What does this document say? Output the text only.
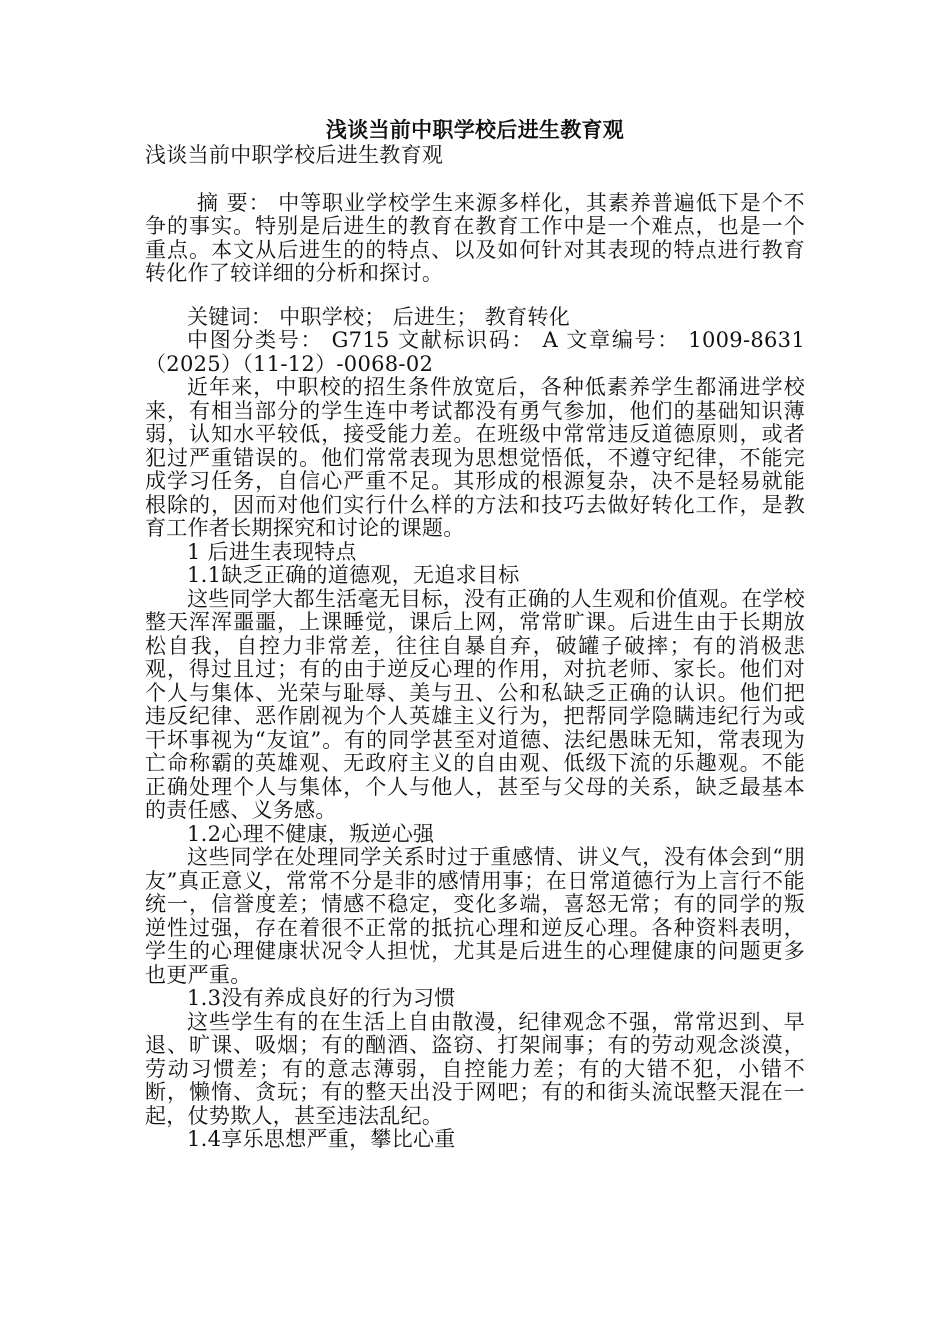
浅谈当前中职学校后进生教育观

浅谈当前中职学校后进生教育观

摘 要： 中等职业学校学生来源多样化，其素养普遍低下是个不争的事实。特别是后进生的教育在教育工作中是一个难点，也是一个重点。本文从后进生的的特点、以及如何针对其表现的特点进行教育转化作了较详细的分析和探讨。

关键词： 中职学校； 后进生； 教育转化

中图分类号： G715 文献标识码： A 文章编号： 1009-8631（2025）（11-12）-0068-02

近年来，中职校的招生条件放宽后，各种低素养学生都涌进学校来，有相当部分的学生连中考试都没有勇气参加，他们的基础知识薄弱，认知水平较低，接受能力差。在班级中常常违反道德原则，或者犯过严重错误的。他们常常表现为思想觉悟低，不遵守纪律，不能完成学习任务，自信心严重不足。其形成的根源复杂，决不是轻易就能根除的，因而对他们实行什么样的方法和技巧去做好转化工作，是教育工作者长期探究和讨论的课题。

1 后进生表现特点

1.1缺乏正确的道德观，无追求目标

这些同学大都生活毫无目标，没有正确的人生观和价值观。在学校整天浑浑噩噩，上课睡觉，课后上网，常常旷课。后进生由于长期放松自我，自控力非常差，往往自暴自弃，破罐子破摔；有的消极悲观，得过且过；有的由于逆反心理的作用，对抗老师、家长。他们对个人与集体、光荣与耻辱、美与丑、公和私缺乏正确的认识。他们把违反纪律、恶作剧视为个人英雄主义行为，把帮同学隐瞒违纪行为或干坏事视为“友谊”。有的同学甚至对道德、法纪愚昧无知，常表现为亡命称霸的英雄观、无政府主义的自由观、低级下流的乐趣观。不能正确处理个人与集体，个人与他人，甚至与父母的关系，缺乏最基本的责任感、义务感。

1.2心理不健康，叛逆心强

这些同学在处理同学关系时过于重感情、讲义气，没有体会到“朋友”真正意义，常常不分是非的感情用事；在日常道德行为上言行不能统一，信誉度差；情感不稳定，变化多端，喜怒无常；有的同学的叛逆性过强，存在着很不正常的抵抗心理和逆反心理。各种资料表明，学生的心理健康状况令人担忧，尤其是后进生的心理健康的问题更多也更严重。

1.3没有养成良好的行为习惯

这些学生有的在生活上自由散漫，纪律观念不强，常常迟到、早退、旷课、吸烟；有的酗酒、盗窃、打架闹事；有的劳动观念淡漠，劳动习惯差；有的意志薄弱，自控能力差；有的大错不犯，小错不断，懒惰、贪玩；有的整天出没于网吧；有的和街头流氓整天混在一起，仗势欺人，甚至违法乱纪。

1.4享乐思想严重，攀比心重
